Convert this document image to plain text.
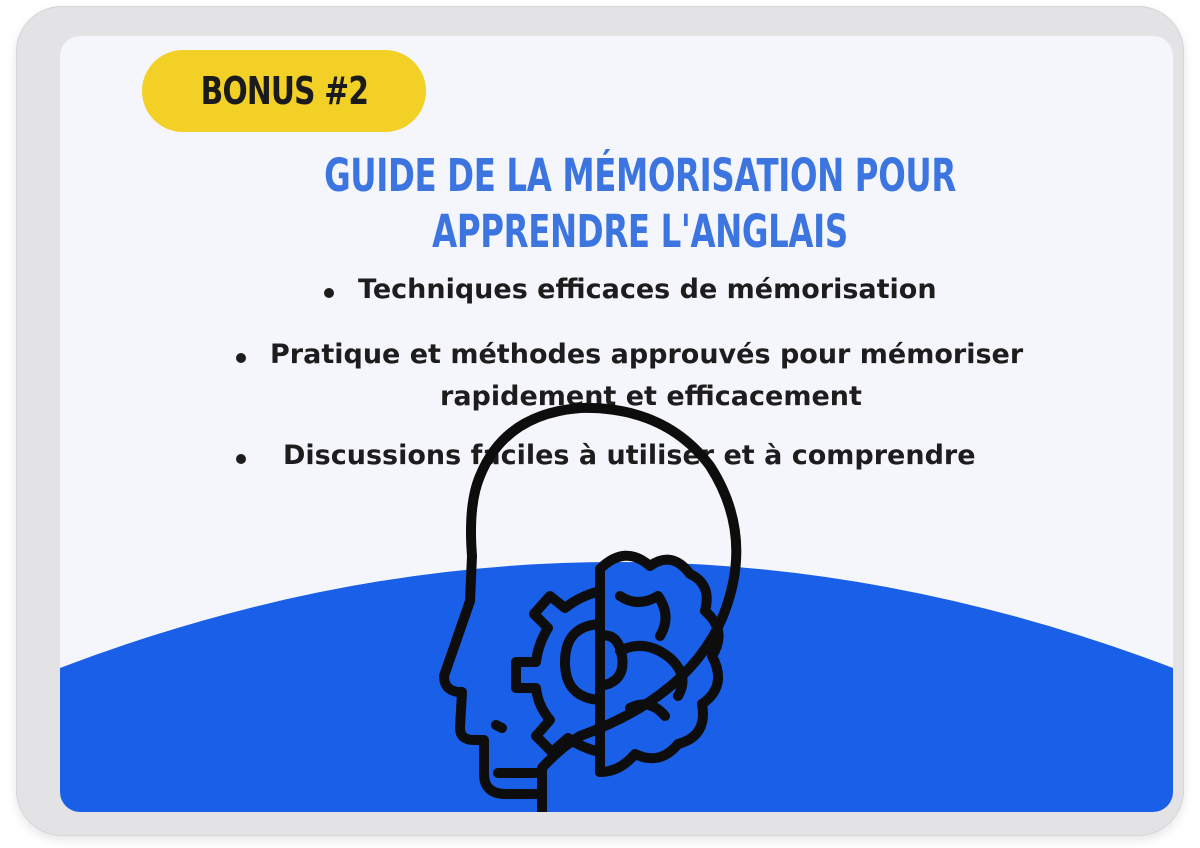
BONUS #2
GUIDE DE LA MÉMORISATION POUR
APPRENDRE L'ANGLAIS
Techniques efficaces de mémorisation
Pratique et méthodes approuvés pour mémoriser
rapidement et efficacement
Discussions faciles à utiliser et à comprendre
